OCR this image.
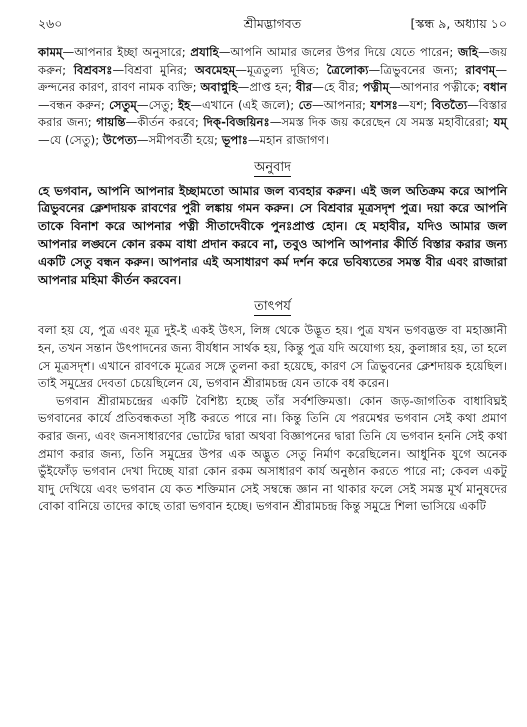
২৬০	শ্রীমদ্ভাগবত	[স্কন্ধ ৯, অধ্যায় ১০

কামম্—আপনার ইচ্ছা অনুসারে; প্রযাহি—আপনি আমার জলের উপর দিয়ে যেতে পারেন; জহি—জয় করুন; বিশ্রবসঃ—বিশ্রবা মুনির; অবমেহম্—মূত্রতুল্য দূষিত; ত্রৈলোক্য—ত্রিভুবনের জন্য; রাবণম্—ক্রন্দনের কারণ, রাবণ নামক ব্যক্তি; অবাপ্নুহি—প্রাপ্ত হন; বীর—হে বীর; পত্নীম্—আপনার পত্নীকে; বধান—বন্ধন করুন; সেতুম্—সেতু; ইহ—এখানে (এই জলে); তে—আপনার; যশসঃ—যশ; বিতত্যৈ—বিস্তার করার জন্য; গায়ন্তি—কীর্তন করবে; দিক্-বিজয়িনঃ—সমস্ত দিক জয় করেছেন যে সমস্ত মহাবীরেরা; যম্—যে (সেতু); উপেত্য—সমীপবর্তী হয়ে; ভূপাঃ—মহান রাজাগণ।

অনুবাদ

হে ভগবান, আপনি আপনার ইচ্ছামতো আমার জল ব্যবহার করুন। এই জল অতিক্রম করে আপনি ত্রিভুবনের ক্লেশদায়ক রাবণের পুরী লঙ্কায় গমন করুন। সে বিশ্রবার মূত্রসদৃশ পুত্র। দয়া করে আপনি তাকে বিনাশ করে আপনার পত্নী সীতাদেবীকে পুনঃপ্রাপ্ত হোন। হে মহাবীর, যদিও আমার জল আপনার লঙ্ঘনে কোন রকম বাধা প্রদান করবে না, তবুও আপনি আপনার কীর্তি বিস্তার করার জন্য একটি সেতু বন্ধন করুন। আপনার এই অসাধারণ কর্ম দর্শন করে ভবিষ্যতের সমস্ত বীর এবং রাজারা আপনার মহিমা কীর্তন করবেন।

তাৎপর্য

বলা হয় যে, পুত্র এবং মূত্র দুই-ই একই উৎস, লিঙ্গ থেকে উদ্ভূত হয়। পুত্র যখন ভগবদ্ভক্ত বা মহাজ্ঞানী হন, তখন সন্তান উৎপাদনের জন্য বীর্যধান সার্থক হয়, কিন্তু পুত্র যদি অযোগ্য হয়, কুলাঙ্গার হয়, তা হলে সে মূত্রসদৃশ। এখানে রাবণকে মূত্রের সঙ্গে তুলনা করা হয়েছে, কারণ সে ত্রিভুবনের ক্লেশদায়ক হয়েছিল। তাই সমুদ্রের দেবতা চেয়েছিলেন যে, ভগবান শ্রীরামচন্দ্র যেন তাকে বধ করেন।

ভগবান শ্রীরামচন্দ্রের একটি বৈশিষ্ট্য হচ্ছে তাঁর সর্বশক্তিমত্তা। কোন জড়-জাগতিক বাধাবিঘ্নই ভগবানের কার্যে প্রতিবন্ধকতা সৃষ্টি করতে পারে না। কিন্তু তিনি যে পরমেশ্বর ভগবান সেই কথা প্রমাণ করার জন্য, এবং জনসাধারণের ভোটের দ্বারা অথবা বিজ্ঞাপনের দ্বারা তিনি যে ভগবান হননি সেই কথা প্রমাণ করার জন্য, তিনি সমুদ্রের উপর এক অদ্ভুত সেতু নির্মাণ করেছিলেন। আধুনিক যুগে অনেক ভুঁইফোঁড় ভগবান দেখা দিচ্ছে যারা কোন রকম অসাধারণ কার্য অনুষ্ঠান করতে পারে না; কেবল একটু যাদু দেখিয়ে এবং ভগবান যে কত শক্তিমান সেই সম্বন্ধে জ্ঞান না থাকার ফলে সেই সমস্ত মূর্খ মানুষদের বোকা বানিয়ে তাদের কাছে তারা ভগবান হচ্ছে। ভগবান শ্রীরামচন্দ্র কিন্তু সমুদ্রে শিলা ভাসিয়ে একটি
